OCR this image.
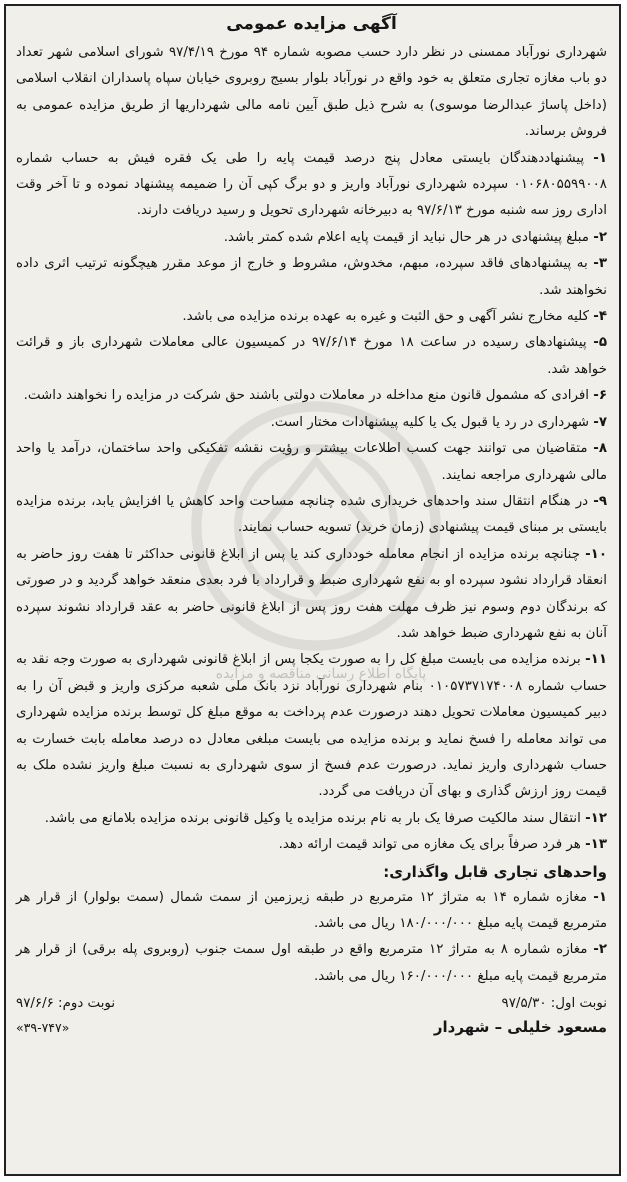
پایگاه اطلاع رسانی مناقصه و مزایده
آگهی مزایده عمومی

شهرداری نورآباد ممسنی در نظر دارد حسب مصوبه شماره ۹۴ مورخ ۹۷/۴/۱۹ شورای اسلامی شهر تعداد دو باب مغازه تجاری متعلق به خود واقع در نورآباد بلوار بسیج روبروی خیابان سپاه پاسداران انقلاب اسلامی (داخل پاساژ عبدالرضا موسوی) به شرح ذیل طبق آیین نامه مالی شهرداریها از طریق مزایده عمومی به فروش برساند.

۱- پیشنهاددهندگان بایستی معادل پنج درصد قیمت پایه را طی یک فقره فیش به حساب شماره ۰۱۰۶۸۰۵۵۹۹۰۰۸ سپرده شهرداری نورآباد واریز و دو برگ کپی آن را ضمیمه پیشنهاد نموده و تا آخر وقت اداری روز سه شنبه مورخ ۹۷/۶/۱۳ به دبیرخانه شهرداری تحویل و رسید دریافت دارند.

۲- مبلغ پیشنهادی در هر حال نباید از قیمت پایه اعلام شده کمتر باشد.

۳- به پیشنهادهای فاقد سپرده، مبهم، مخدوش، مشروط و خارج از موعد مقرر هیچگونه ترتیب اثری داده نخواهند شد.

۴- کلیه مخارج نشر آگهی و حق الثبت و غیره به عهده برنده مزایده می باشد.

۵- پیشنهادهای رسیده در ساعت ۱۸ مورخ ۹۷/۶/۱۴ در کمیسیون عالی معاملات شهرداری باز و قرائت خواهد شد.

۶- افرادی که مشمول قانون منع مداخله در معاملات دولتی باشند حق شرکت در مزایده را نخواهند داشت.

۷- شهرداری در رد یا قبول یک یا کلیه پیشنهادات مختار است.

۸- متقاضیان می توانند جهت کسب اطلاعات بیشتر و رؤیت نقشه تفکیکی واحد ساختمان، درآمد یا واحد مالی شهرداری مراجعه نمایند.

۹- در هنگام انتقال سند واحدهای خریداری شده چنانچه مساحت واحد کاهش یا افزایش یابد، برنده مزایده بایستی بر مبنای قیمت پیشنهادی (زمان خرید) تسویه حساب نمایند.

۱۰- چنانچه برنده مزایده از انجام معامله خودداری کند یا پس از ابلاغ قانونی حداکثر تا هفت روز حاضر به انعقاد قرارداد نشود سپرده او به نفع شهرداری ضبط و قرارداد با فرد بعدی منعقد خواهد گردید و در صورتی که برندگان دوم وسوم نیز ظرف مهلت هفت روز پس از ابلاغ قانونی حاضر به عقد قرارداد نشوند سپرده آنان به نفع شهرداری ضبط خواهد شد.

۱۱- برنده مزایده می بایست مبلغ کل را به صورت یکجا پس از ابلاغ قانونی شهرداری به صورت وجه نقد به حساب شماره ۰۱۰۵۷۳۷۱۷۴۰۰۸ بنام شهرداری نورآباد نزد بانک ملی شعبه مرکزی واریز و قبض آن را به دبیر کمیسیون معاملات تحویل دهند درصورت عدم پرداخت به موقع مبلغ کل توسط برنده مزایده شهرداری می تواند معامله را فسخ نماید و برنده مزایده می بایست مبلغی معادل ده درصد معامله بابت خسارت به حساب شهرداری واریز نماید. درصورت عدم فسخ از سوی شهرداری به نسبت مبلغ واریز نشده ملک به قیمت روز ارزش گذاری و بهای آن دریافت می گردد.

۱۲- انتقال سند مالکیت صرفا یک بار به نام برنده مزایده یا وکیل قانونی برنده مزایده بلامانع می باشد.

۱۳- هر فرد صرفاً برای یک مغازه می تواند قیمت ارائه دهد.

واحدهای تجاری قابل واگذاری:

۱- مغازه شماره ۱۴ به متراژ ۱۲ مترمربع در طبقه زیرزمین از سمت شمال (سمت بولوار) از قرار هر مترمربع قیمت پایه مبلغ ۱۸۰/۰۰۰/۰۰۰ ریال می باشد.

۲- مغازه شماره ۸ به متراژ ۱۲ مترمربع واقع در طبقه اول سمت جنوب (روبروی پله برقی) از قرار هر مترمربع قیمت پایه مبلغ ۱۶۰/۰۰۰/۰۰۰ ریال می باشد.

نوبت اول: ۹۷/۵/۳۰
نوبت دوم: ۹۷/۶/۶
مسعود خلیلی – شهردار
«۳۹-۷۴۷»
